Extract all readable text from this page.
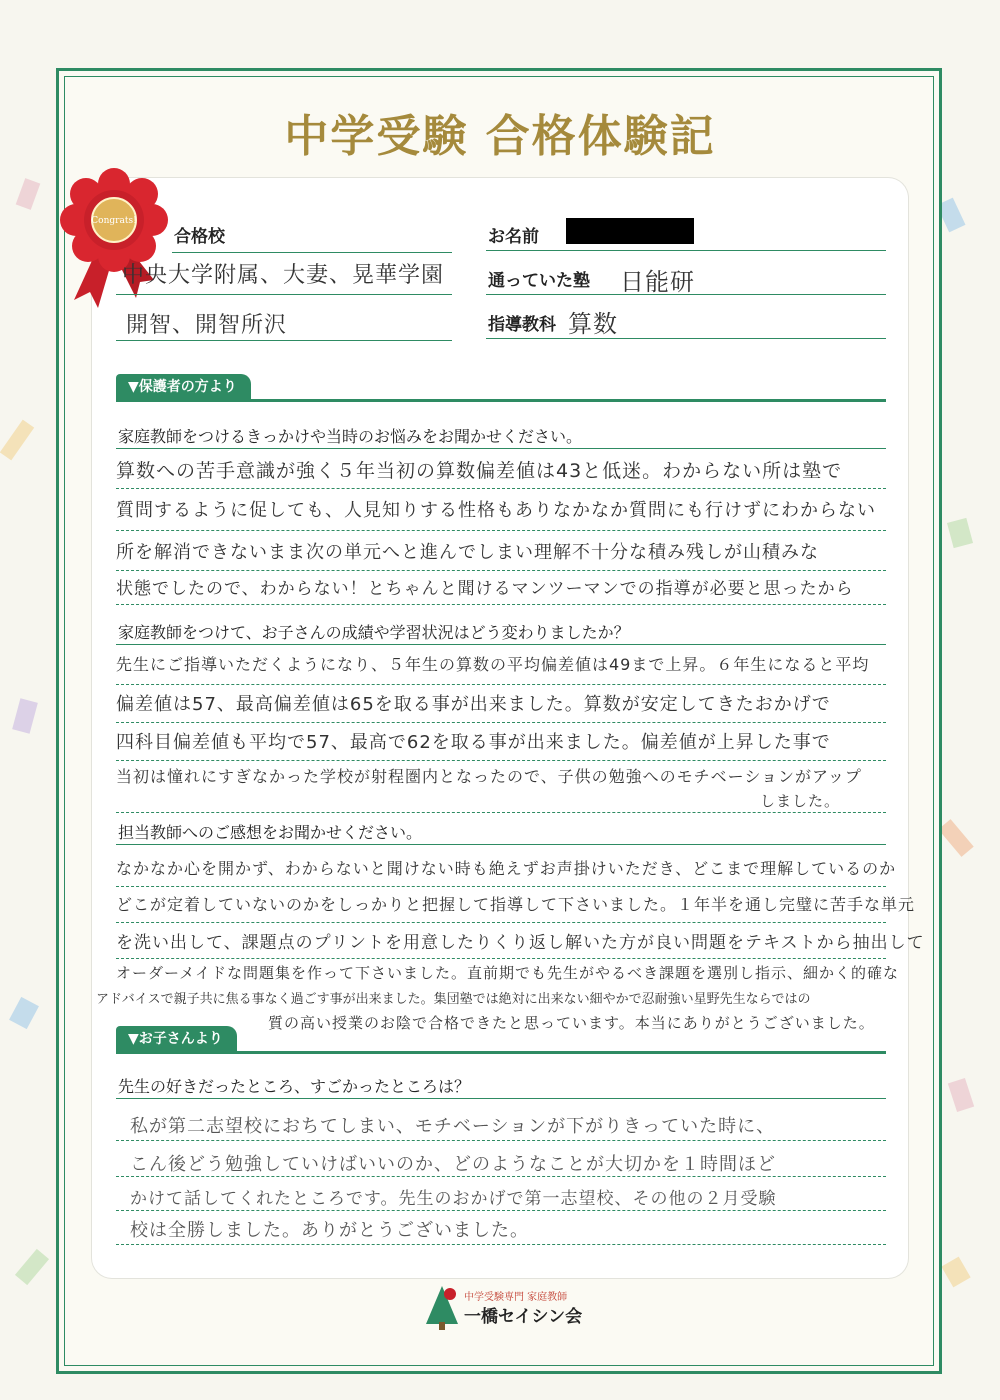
中学受験 合格体験記
Congrats!
合格校
中央大学附属、大妻、晃華学園
開智、開智所沢
お名前
通っていた塾 日能研
指導教科 算数
▼保護者の方より
家庭教師をつけるきっかけや当時のお悩みをお聞かせください。
算数への苦手意識が強く５年当初の算数偏差値は43と低迷。わからない所は塾で
質問するように促しても、人見知りする性格もありなかなか質問にも行けずにわからない
所を解消できないまま次の単元へと進んでしまい理解不十分な積み残しが山積みな
状態でしたので、わからない！とちゃんと聞けるマンツーマンでの指導が必要と思ったから
家庭教師をつけて、お子さんの成績や学習状況はどう変わりましたか？
先生にご指導いただくようになり、５年生の算数の平均偏差値は49まで上昇。６年生になると平均
偏差値は57、最高偏差値は65を取る事が出来ました。算数が安定してきたおかげで
四科目偏差値も平均で57、最高で62を取る事が出来ました。偏差値が上昇した事で
当初は憧れにすぎなかった学校が射程圏内となったので、子供の勉強へのモチベーションがアップ
しました。
担当教師へのご感想をお聞かせください。
なかなか心を開かず、わからないと聞けない時も絶えずお声掛けいただき、どこまで理解しているのか
どこが定着していないのかをしっかりと把握して指導して下さいました。１年半を通し完璧に苦手な単元
を洗い出して、課題点のプリントを用意したりくり返し解いた方が良い問題をテキストから抽出して
オーダーメイドな問題集を作って下さいました。直前期でも先生がやるべき課題を選別し指示、細かく的確な
アドバイスで親子共に焦る事なく過ごす事が出来ました。集団塾では絶対に出来ない細やかで忍耐強い星野先生ならではの
質の高い授業のお陰で合格できたと思っています。本当にありがとうございました。
▼お子さんより
先生の好きだったところ、すごかったところは？
私が第二志望校におちてしまい、モチベーションが下がりきっていた時に、
こん後どう勉強していけばいいのか、どのようなことが大切かを１時間ほど
かけて話してくれたところです。先生のおかげで第一志望校、その他の２月受験
校は全勝しました。ありがとうございました。
中学受験専門 家庭教師
一橋セイシン会
